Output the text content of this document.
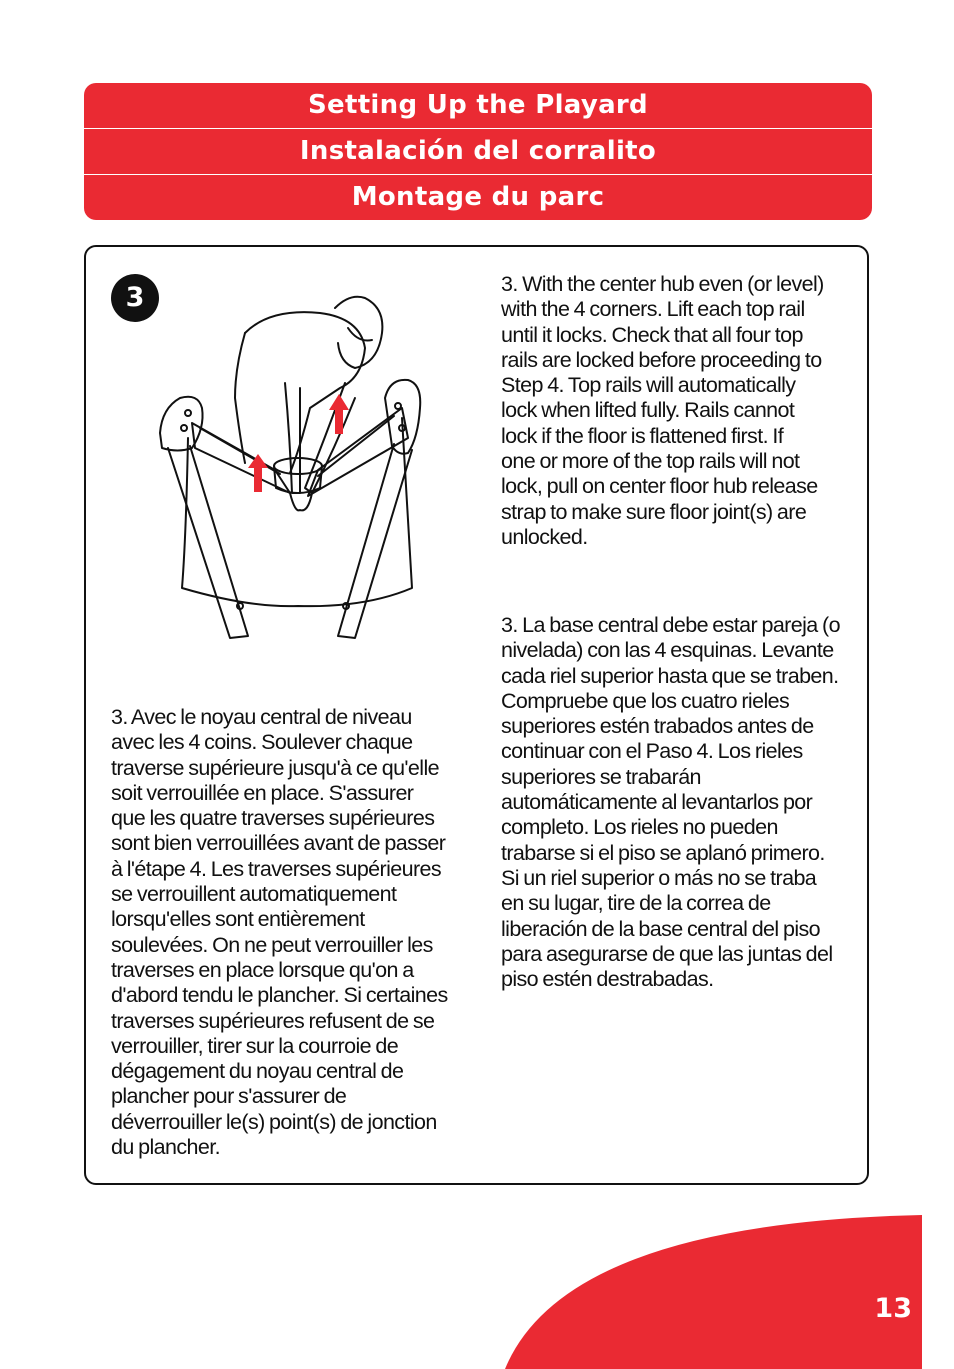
Setting Up the Playard
Instalación del corralito
Montage du parc
3	3. With the center hub even (or level)
with the 4 corners. Lift each top rail
until it locks. Check that all four top
rails are locked before proceeding to
Step 4. Top rails will automatically
lock when lifted fully. Rails cannot
lock if the floor is flattened first. If
one or more of the top rails will not
lock, pull on center floor hub release
strap to make sure floor joint(s) are
unlocked.

3. La base central debe estar pareja (o
nivelada) con las 4 esquinas. Levante
cada riel superior hasta que se traben.
Compruebe que los cuatro rieles
superiores estén trabados antes de
continuar con el Paso 4. Los rieles
superiores se trabarán
automáticamente al levantarlos por
completo. Los rieles no pueden
trabarse si el piso se aplanó primero.
Si un riel superior o más no se traba
en su lugar, tire de la correa de
liberación de la base central del piso
para asegurarse de que las juntas del
piso estén destrabadas.

3. Avec le noyau central de niveau
avec les 4 coins. Soulever chaque
traverse supérieure jusqu'à ce qu'elle
soit verrouillée en place. S'assurer
que les quatre traverses supérieures
sont bien verrouillées avant de passer
à l'étape 4. Les traverses supérieures
se verrouillent automatiquement
lorsqu'elles sont entièrement
soulevées. On ne peut verrouiller les
traverses en place lorsque qu'on a
d'abord tendu le plancher. Si certaines
traverses supérieures refusent de se
verrouiller, tirer sur la courroie de
dégagement du noyau central de
plancher pour s'assurer de
déverrouiller le(s) point(s) de jonction
du plancher.

13
